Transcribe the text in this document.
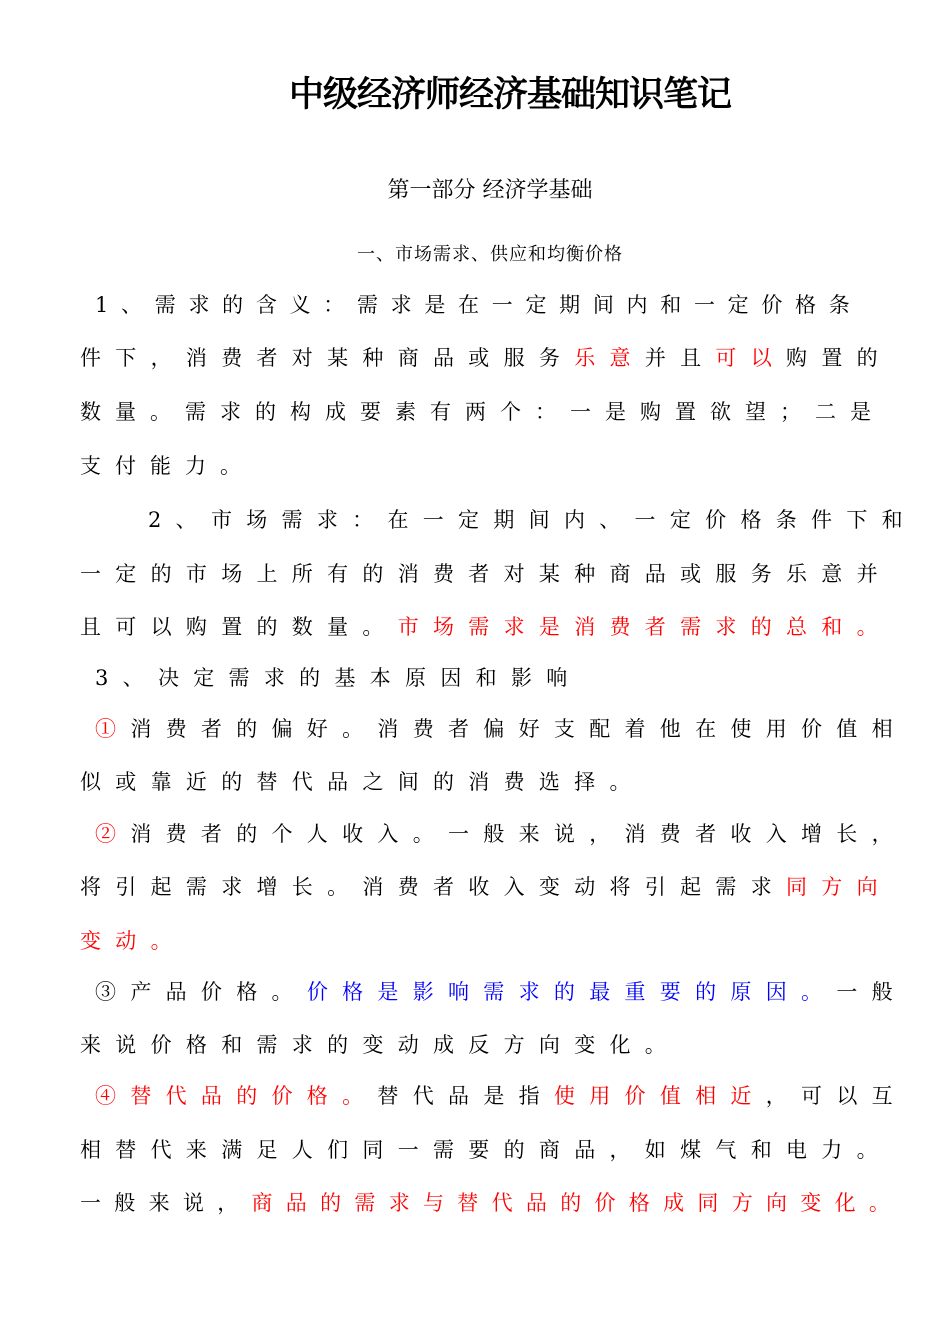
中级经济师经济基础知识笔记
第一部分 经济学基础
一、市场需求、供应和均衡价格
1、需求的含义：需求是在一定期间内和一定价格条
件下，消费者对某种商品或服务乐意并且可以购置的
数量。需求的构成要素有两个：一是购置欲望；二是
支付能力。
2、市场需求：在一定期间内、一定价格条件下和
一定的市场上所有的消费者对某种商品或服务乐意并
且可以购置的数量。市场需求是消费者需求的总和。
3、决定需求的基本原因和影响
①消费者的偏好。消费者偏好支配着他在使用价值相
似或靠近的替代品之间的消费选择。
②消费者的个人收入。一般来说，消费者收入增长，
将引起需求增长。消费者收入变动将引起需求同方向
变动。
③产品价格。价格是影响需求的最重要的原因。一般
来说价格和需求的变动成反方向变化。
④替代品的价格。替代品是指使用价值相近，可以互
相替代来满足人们同一需要的商品，如煤气和电力。
一般来说，商品的需求与替代品的价格成同方向变化。
